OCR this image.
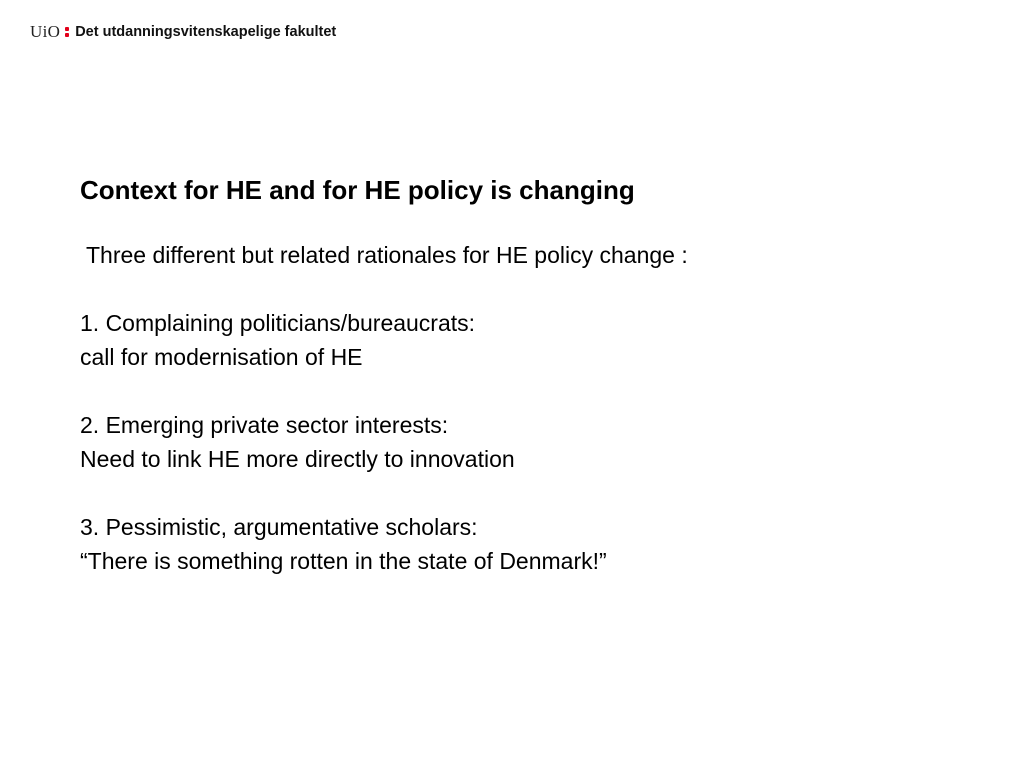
UiO Det utdanningsvitenskapelige fakultet
Context for HE and for HE policy is changing

Three different but related rationales for HE policy change :

1. Complaining politicians/bureaucrats:
call for modernisation of HE
2. Emerging private sector interests:
Need to link HE more directly to innovation
3. Pessimistic, argumentative scholars:
“There is something rotten in the state of Denmark!”
